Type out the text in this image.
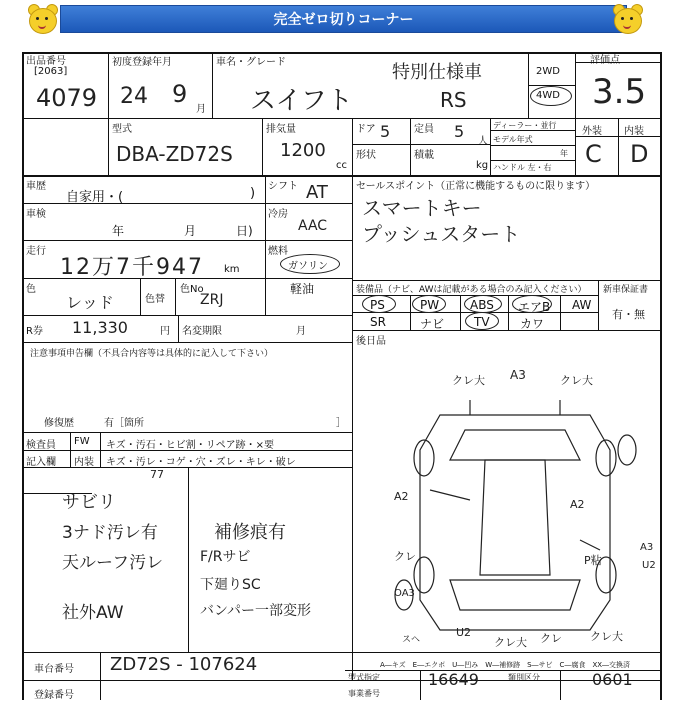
完全ゼロ切りコーナー
出品番号
[2063]
4079
初度登録年月
24 9
月
車名・グレード
スイフト
特別仕様車
RS
2WD
4WD
評価点
3.5
型式
DBA-ZD72S
排気量
1200
cc
ドア 5 定員 5
人
形状	積載
kg
ディーラー・並行
モデル年式
年
ハンドル 左・右
外装 内装
C D
車歴
自家用・(	)
車検
年	月	日)
走行
12万7千947 km
色
レッド	色替
色No
ZRJ
R券 11,330	円 名変期限	月
シフト AT
冷房
AAC
燃料
ガソリン
軽油
セールスポイント（正常に機能するものに限ります）
スマートキー
プッシュスタート
装備品（ナビ、AWは記載がある場合のみ記入ください）
PS	PW	ABS エアB AW
SR	ナビ TV	カワ
新車保証書
有・無
後日品
注意事項申告欄（不具合内容等は具体的に記入して下さい）
修復歴	有［箇所	］
検査員
記入欄
FW
内装
キズ・汚石・ヒビ割・リペア跡・×要
キズ・汚レ・コゲ・穴・ズレ・キレ・破レ
77
サビリ
3ナド汚レ有
天ルーフ汚レ
社外AW
補修痕有
F/Rサビ
下廻りSC
バンパー一部変形
クレ大 A3	クレ大
A2
クレ
A2
P粘
A3
U2
OA3
スヘ
U2
クレ大 クレ	クレ大
A―キズ　E―エクボ　U―凹み　W―補修跡　S―サビ　C―腐食　XX―交換済
車台番号 ZD72S - 107624
登録番号
型式指定	16649	類別区分	0601
事業番号
